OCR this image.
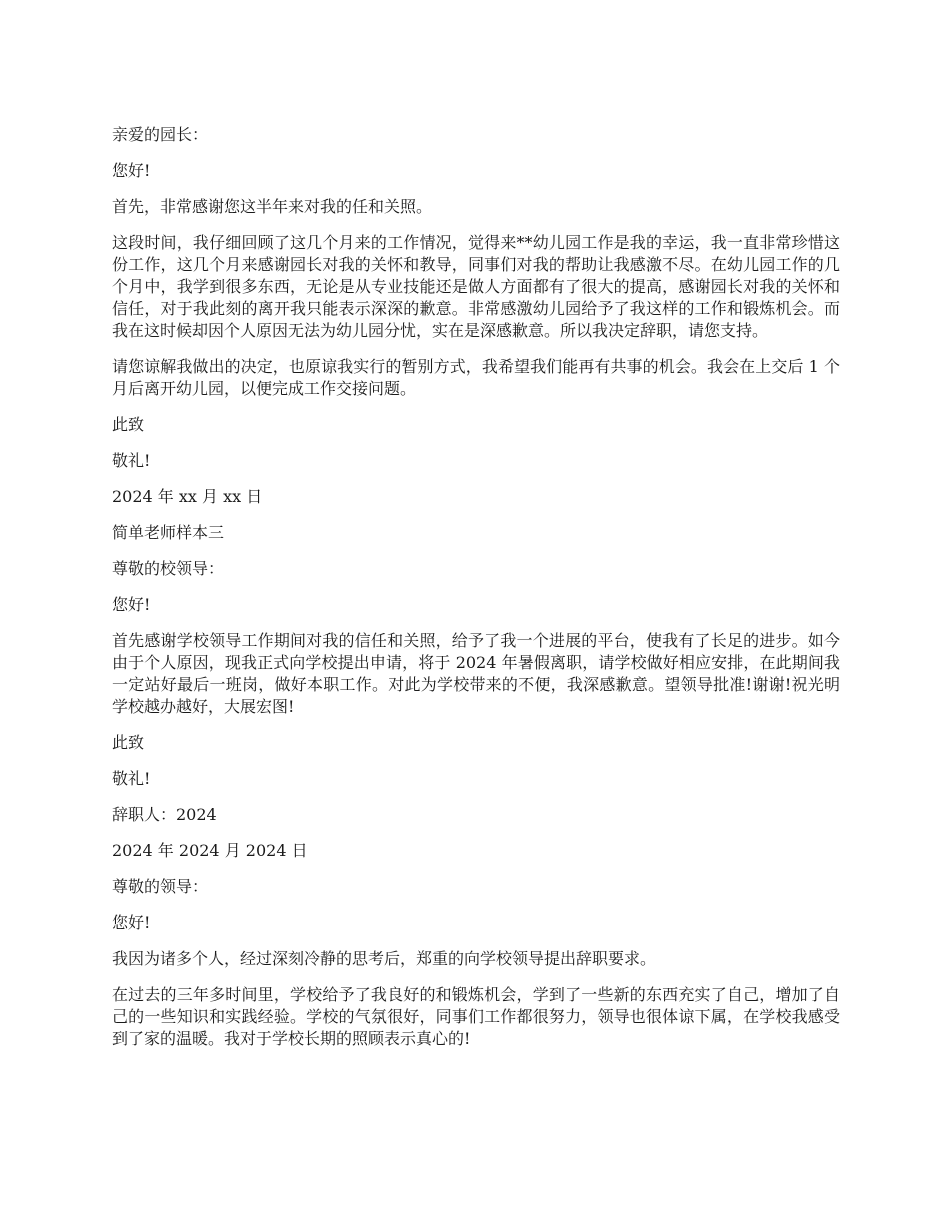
亲爱的园长：

您好!

首先，非常感谢您这半年来对我的任和关照。

这段时间，我仔细回顾了这几个月来的工作情况，觉得来**幼儿园工作是我的幸运，我一直非常珍惜这份工作，这几个月来感谢园长对我的关怀和教导，同事们对我的帮助让我感激不尽。在幼儿园工作的几个月中，我学到很多东西，无论是从专业技能还是做人方面都有了很大的提高，感谢园长对我的关怀和信任，对于我此刻的离开我只能表示深深的歉意。非常感激幼儿园给予了我这样的工作和锻炼机会。而我在这时候却因个人原因无法为幼儿园分忧，实在是深感歉意。所以我决定辞职，请您支持。

请您谅解我做出的决定，也原谅我实行的暂别方式，我希望我们能再有共事的机会。我会在上交后 1 个月后离开幼儿园，以便完成工作交接问题。

此致

敬礼!

2024 年 xx 月 xx 日

简单老师样本三

尊敬的校领导：

您好!

首先感谢学校领导工作期间对我的信任和关照，给予了我一个进展的平台，使我有了长足的进步。如今由于个人原因，现我正式向学校提出申请，将于 2024 年暑假离职，请学校做好相应安排，在此期间我一定站好最后一班岗，做好本职工作。对此为学校带来的不便，我深感歉意。望领导批准!谢谢!祝光明学校越办越好，大展宏图!

此致

敬礼!

辞职人：2024

2024 年 2024 月 2024 日

尊敬的领导：

您好!

我因为诸多个人，经过深刻冷静的思考后，郑重的向学校领导提出辞职要求。

在过去的三年多时间里，学校给予了我良好的和锻炼机会，学到了一些新的东西充实了自己，增加了自己的一些知识和实践经验。学校的气氛很好，同事们工作都很努力，领导也很体谅下属，在学校我感受到了家的温暖。我对于学校长期的照顾表示真心的!
